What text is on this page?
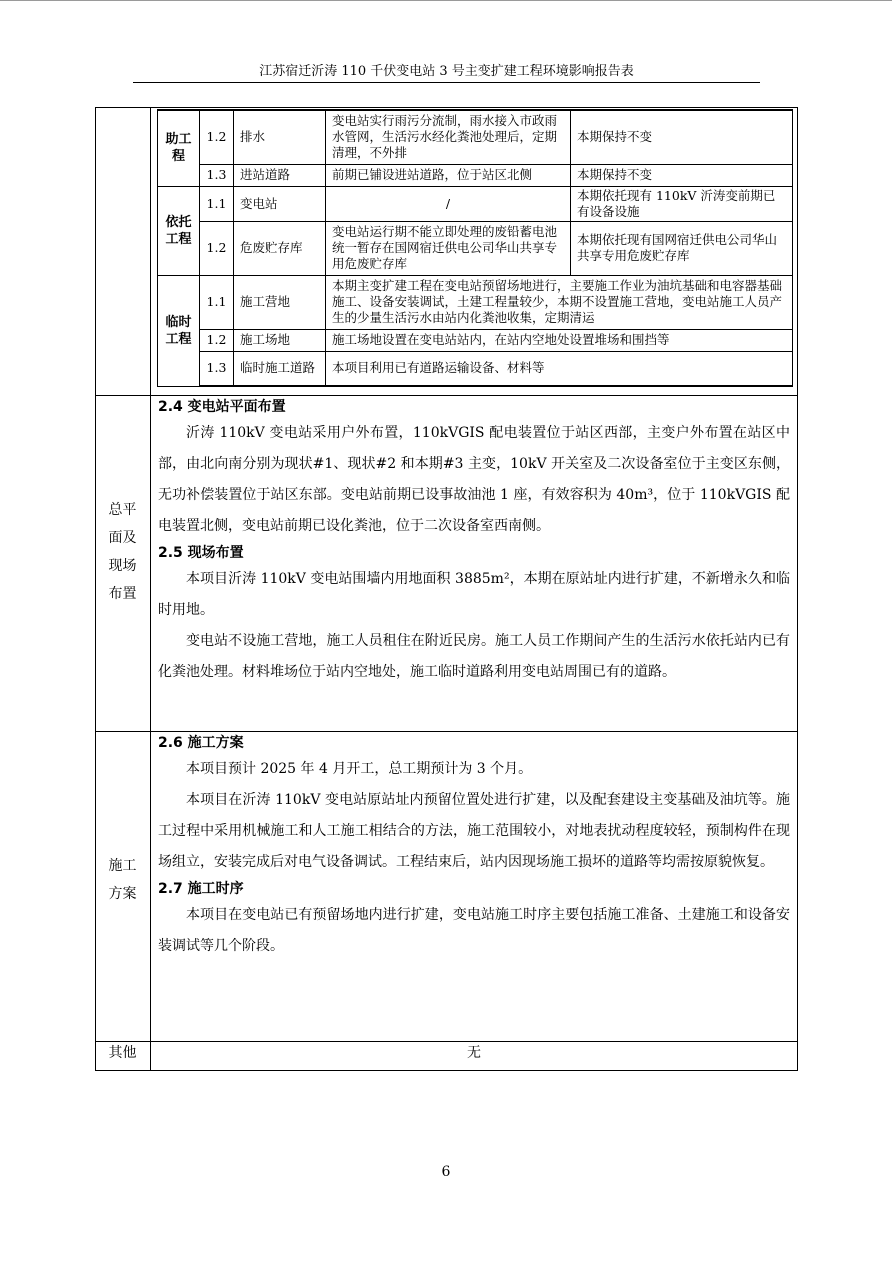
江苏宿迁沂涛 110 千伏变电站 3 号主变扩建工程环境影响报告表
助工程	1.2	排水	变电站实行雨污分流制，雨水接入市政雨水管网，生活污水经化粪池处理后，定期清理，不外排	本期保持不变
	1.3	进站道路	前期已铺设进站道路，位于站区北侧	本期保持不变
依托工程	1.1	变电站	/	本期依托现有 110kV 沂涛变前期已有设备设施
	1.2	危废贮存库	变电站运行期不能立即处理的废铅蓄电池统一暂存在国网宿迁供电公司华山共享专用危废贮存库	本期依托现有国网宿迁供电公司华山共享专用危废贮存库
临时工程	1.1	施工营地	本期主变扩建工程在变电站预留场地进行，主要施工作业为油坑基础和电容器基础施工、设备安装调试，土建工程量较少，本期不设置施工营地，变电站施工人员产生的少量生活污水由站内化粪池收集，定期清运	
	1.2	施工场地	施工场地设置在变电站站内，在站内空地处设置堆场和围挡等	
	1.3	临时施工道路	本项目利用已有道路运输设备、材料等	
总平面及现场布置
2.4 变电站平面布置

沂涛 110kV 变电站采用户外布置，110kVGIS 配电装置位于站区西部，主变户外布置在站区中部，由北向南分别为现状#1、现状#2 和本期#3 主变，10kV 开关室及二次设备室位于主变区东侧，无功补偿装置位于站区东部。变电站前期已设事故油池 1 座，有效容积为 40m³，位于 110kVGIS 配电装置北侧，变电站前期已设化粪池，位于二次设备室西南侧。

2.5 现场布置

本项目沂涛 110kV 变电站围墙内用地面积 3885m²，本期在原站址内进行扩建，不新增永久和临时用地。

变电站不设施工营地，施工人员租住在附近民房。施工人员工作期间产生的生活污水依托站内已有化粪池处理。材料堆场位于站内空地处，施工临时道路利用变电站周围已有的道路。

施工方案
2.6 施工方案

本项目预计 2025 年 4 月开工，总工期预计为 3 个月。

本项目在沂涛 110kV 变电站原站址内预留位置处进行扩建，以及配套建设主变基础及油坑等。施工过程中采用机械施工和人工施工相结合的方法，施工范围较小，对地表扰动程度较轻，预制构件在现场组立，安装完成后对电气设备调试。工程结束后，站内因现场施工损坏的道路等均需按原貌恢复。

2.7 施工时序

本项目在变电站已有预留场地内进行扩建，变电站施工时序主要包括施工准备、土建施工和设备安装调试等几个阶段。

其他	无
6
